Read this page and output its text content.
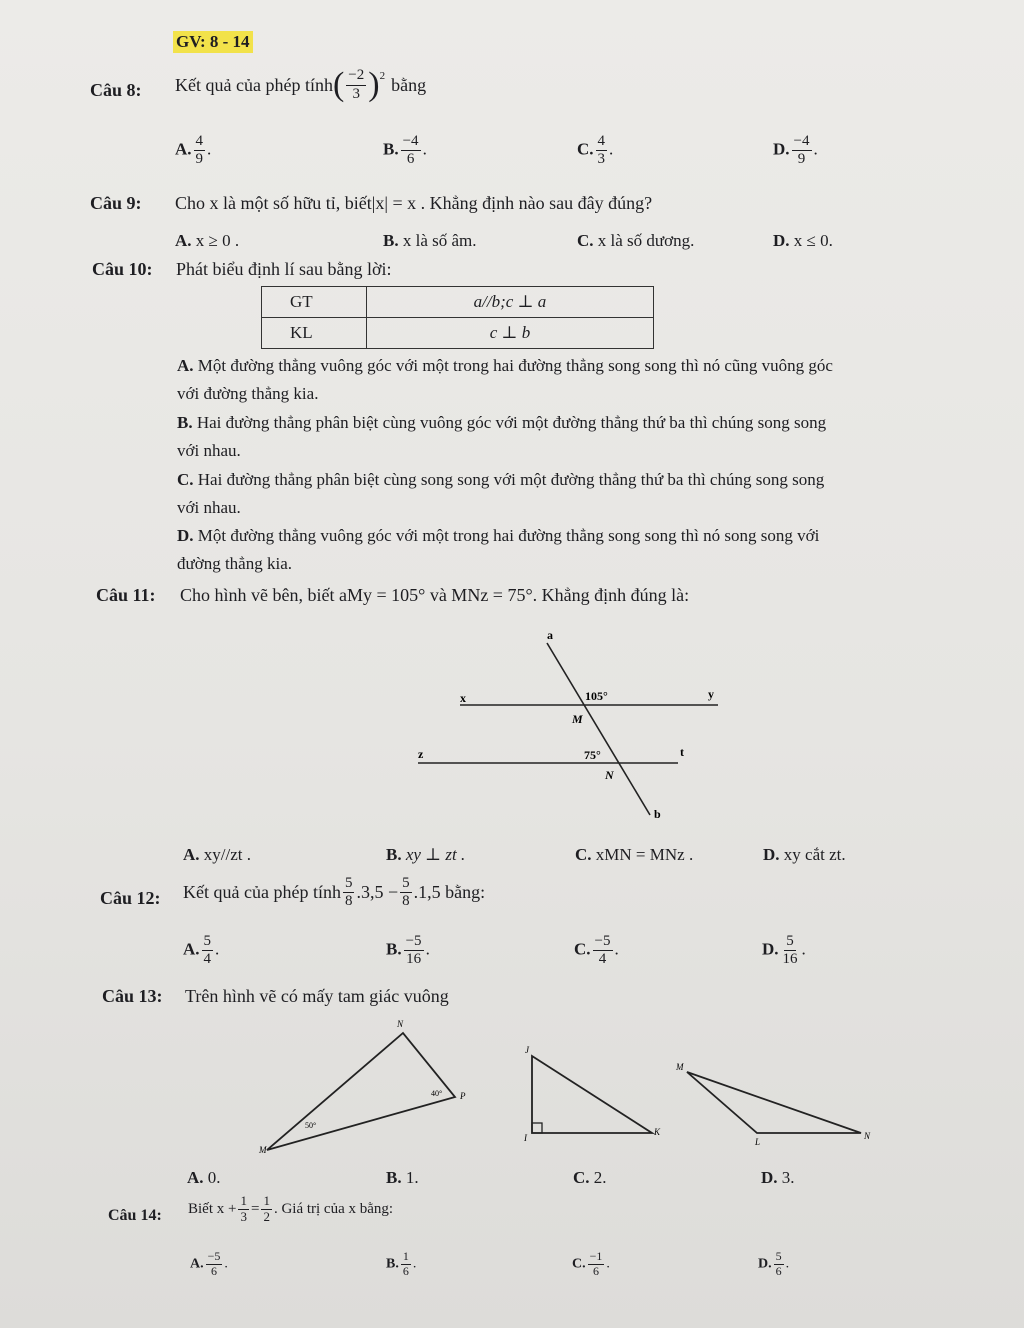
GV: 8 - 14
Câu 8: Kết quả của phép tính ( $\frac{-2}{3} )^2$ bằng
A. $\frac{4}{9}$ .	B. $\frac{-4}{6}$ .	C. $\frac{4}{3}$ .	D. $\frac{-4}{9}$ .
Câu 9: Cho x là một số hữu tỉ, biết|x| = x . Khẳng định nào sau đây đúng?
A. x ≥ 0 .	B. x là số âm.	C. x là số dương.	D. x ≤ 0.
Câu 10: Phát biểu định lí sau bằng lời:
GT	a//b;c ⊥ a
KL	c ⊥ b
A. Một đường thẳng vuông góc với một trong hai đường thẳng song song thì nó cũng vuông góc
với đường thẳng kia.
B. Hai đường thẳng phân biệt cùng vuông góc với một đường thẳng thứ ba thì chúng song song
với nhau.
C. Hai đường thẳng phân biệt cùng song song với một đường thẳng thứ ba thì chúng song song
với nhau.
D. Một đường thẳng vuông góc với một trong hai đường thẳng song song thì nó song song với
đường thẳng kia.
Câu 11: Cho hình vẽ bên, biết aMy = 105° và MNz = 75°. Khẳng định đúng là:
a
b
x	y
z	t
M
N
105°
75°
A. xy//zt .	B. xy ⊥ zt .	C. xMN = MNz .	D. xy cắt zt.
Câu 12: Kết quả của phép tính $\frac{5}{8} .3,5 - \frac{5}{8} .1,5$ bằng:
A. $\frac{5}{4}$ .	B. $\frac{-5}{16}$ .	C. $\frac{-5}{4}$ .	D. $\frac{5}{16}$ .
Câu 13: Trên hình vẽ có mấy tam giác vuông
N
P
M
40°
50°
J
K
I
M
L
N
A. 0.	B. 1.	C. 2.	D. 3.
Câu 14: Biết $x + \frac{1}{3} = \frac{1}{2}$ . Giá trị của x bằng:
A. $\frac{-5}{6}$ .	B. $\frac{1}{6}$ .	C. $\frac{-1}{6}$ .	D. $\frac{5}{6}$ .
